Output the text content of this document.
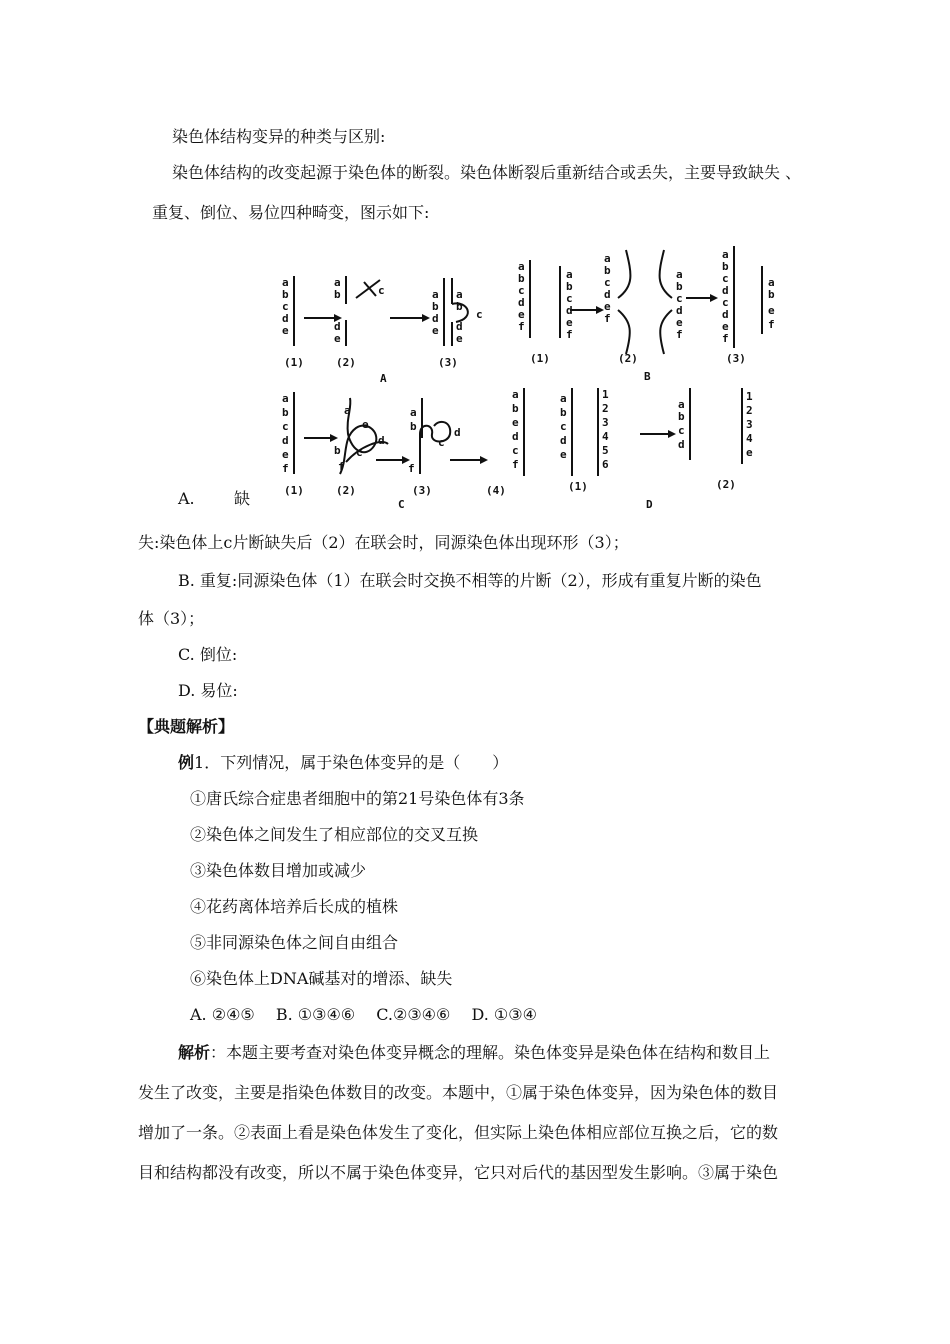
染色体结构变异的种类与区别:
染色体结构的改变起源于染色体的断裂。染色体断裂后重新结合或丢失，主要导致缺失 、
重复、倒位、易位四种畸变，图示如下:
a
b
c
d
e
a
b
d
e
c	a
b
d
e
a
b
c
d
e
a
b
c
d
e
f
a
b
c
d
e
f
a
b
c
d
e
f
a
b
c
d
e
f
a
b
c
d
c
d
e
f
a
b
e
f
a
b
c
d
e
f
b
e
d
c
f
a	a
b
c
d
f
a
b
e
d
c
f
a
b
c
d
e
a
b
c
d
1
2
3
4
5
6
1
2
3
4
e
(1)	(2)	(3)
A
(1)	(2)	(3)
B
(1)	(2)	(3)	(4)
C
(1)	(2)
D
A. 缺
失:染色体上c片断缺失后（2）在联会时，同源染色体出现环形（3）；
B. 重复:同源染色体（1）在联会时交换不相等的片断（2），形成有重复片断的染色
体（3）；
C. 倒位:
D. 易位:
【典题解析】
例1．下列情况，属于染色体变异的是（　　）
①唐氏综合症患者细胞中的第21号染色体有3条
②染色体之间发生了相应部位的交叉互换
③染色体数目增加或减少
④花药离体培养后长成的植株
⑤非同源染色体之间自由组合
⑥染色体上DNA碱基对的增添、缺失
A. ②④⑤　 B. ①③④⑥　 C.②③④⑥　 D. ①③④
解析：本题主要考查对染色体变异概念的理解。染色体变异是染色体在结构和数目上
发生了改变，主要是指染色体数目的改变。本题中，①属于染色体变异，因为染色体的数目
增加了一条。②表面上看是染色体发生了变化，但实际上染色体相应部位互换之后，它的数
目和结构都没有改变，所以不属于染色体变异，它只对后代的基因型发生影响。③属于染色
